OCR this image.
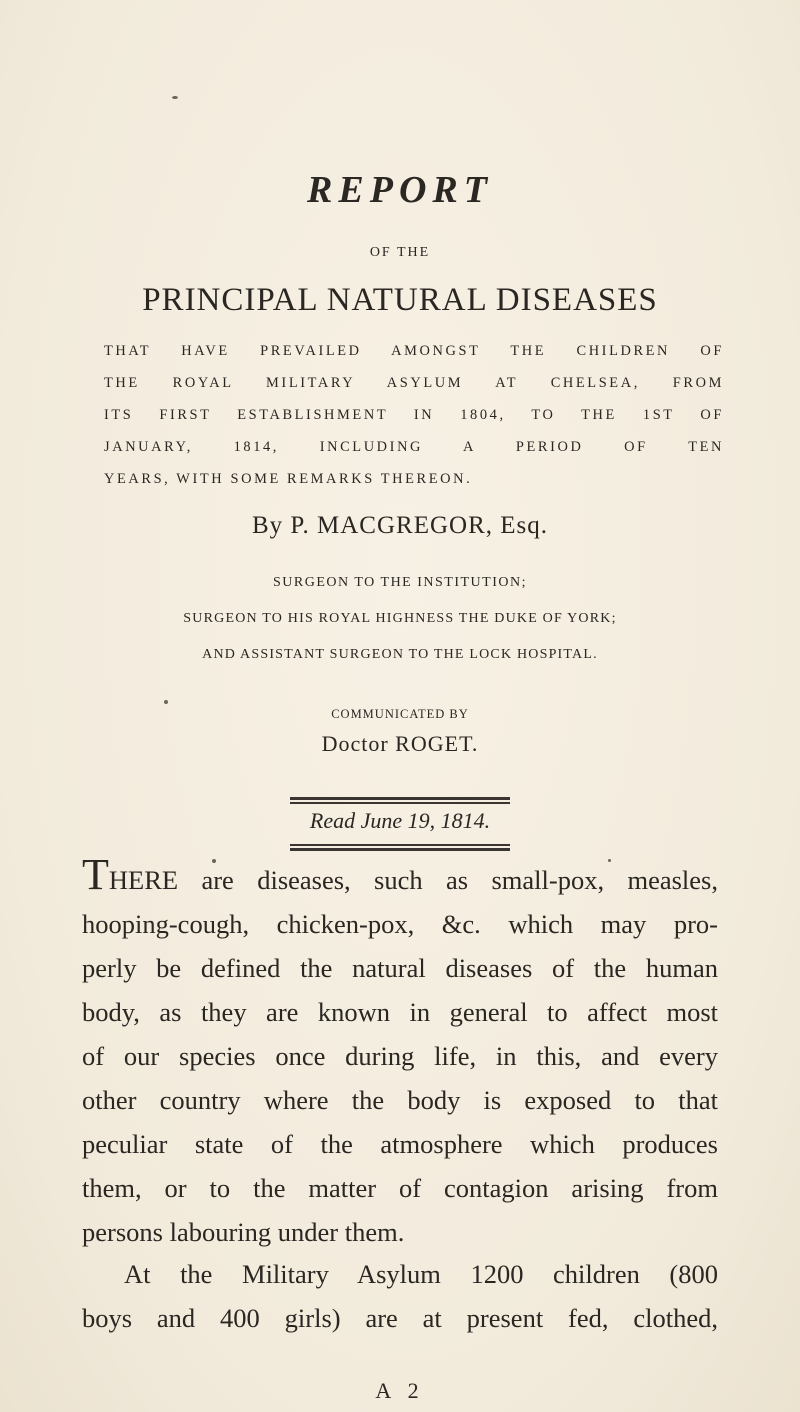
REPORT
OF THE
PRINCIPAL NATURAL DISEASES
THAT HAVE PREVAILED AMONGST THE CHILDREN OF
THE ROYAL MILITARY ASYLUM AT CHELSEA, FROM
ITS FIRST ESTABLISHMENT IN 1804, TO THE 1ST OF
JANUARY, 1814, INCLUDING A PERIOD OF TEN
YEARS, WITH SOME REMARKS THEREON.
By P. MACGREGOR, Esq.
SURGEON TO THE INSTITUTION;
SURGEON TO HIS ROYAL HIGHNESS THE DUKE OF YORK;
AND ASSISTANT SURGEON TO THE LOCK HOSPITAL.
COMMUNICATED BY
Doctor ROGET.
Read June 19, 1814.
THERE are diseases, such as small-pox, measles,
hooping-cough, chicken-pox, &c. which may pro-
perly be defined the natural diseases of the human
body, as they are known in general to affect most
of our species once during life, in this, and every
other country where the body is exposed to that
peculiar state of the atmosphere which produces
them, or to the matter of contagion arising from
persons labouring under them.
At the Military Asylum 1200 children (800
boys and 400 girls) are at present fed, clothed,
A 2
